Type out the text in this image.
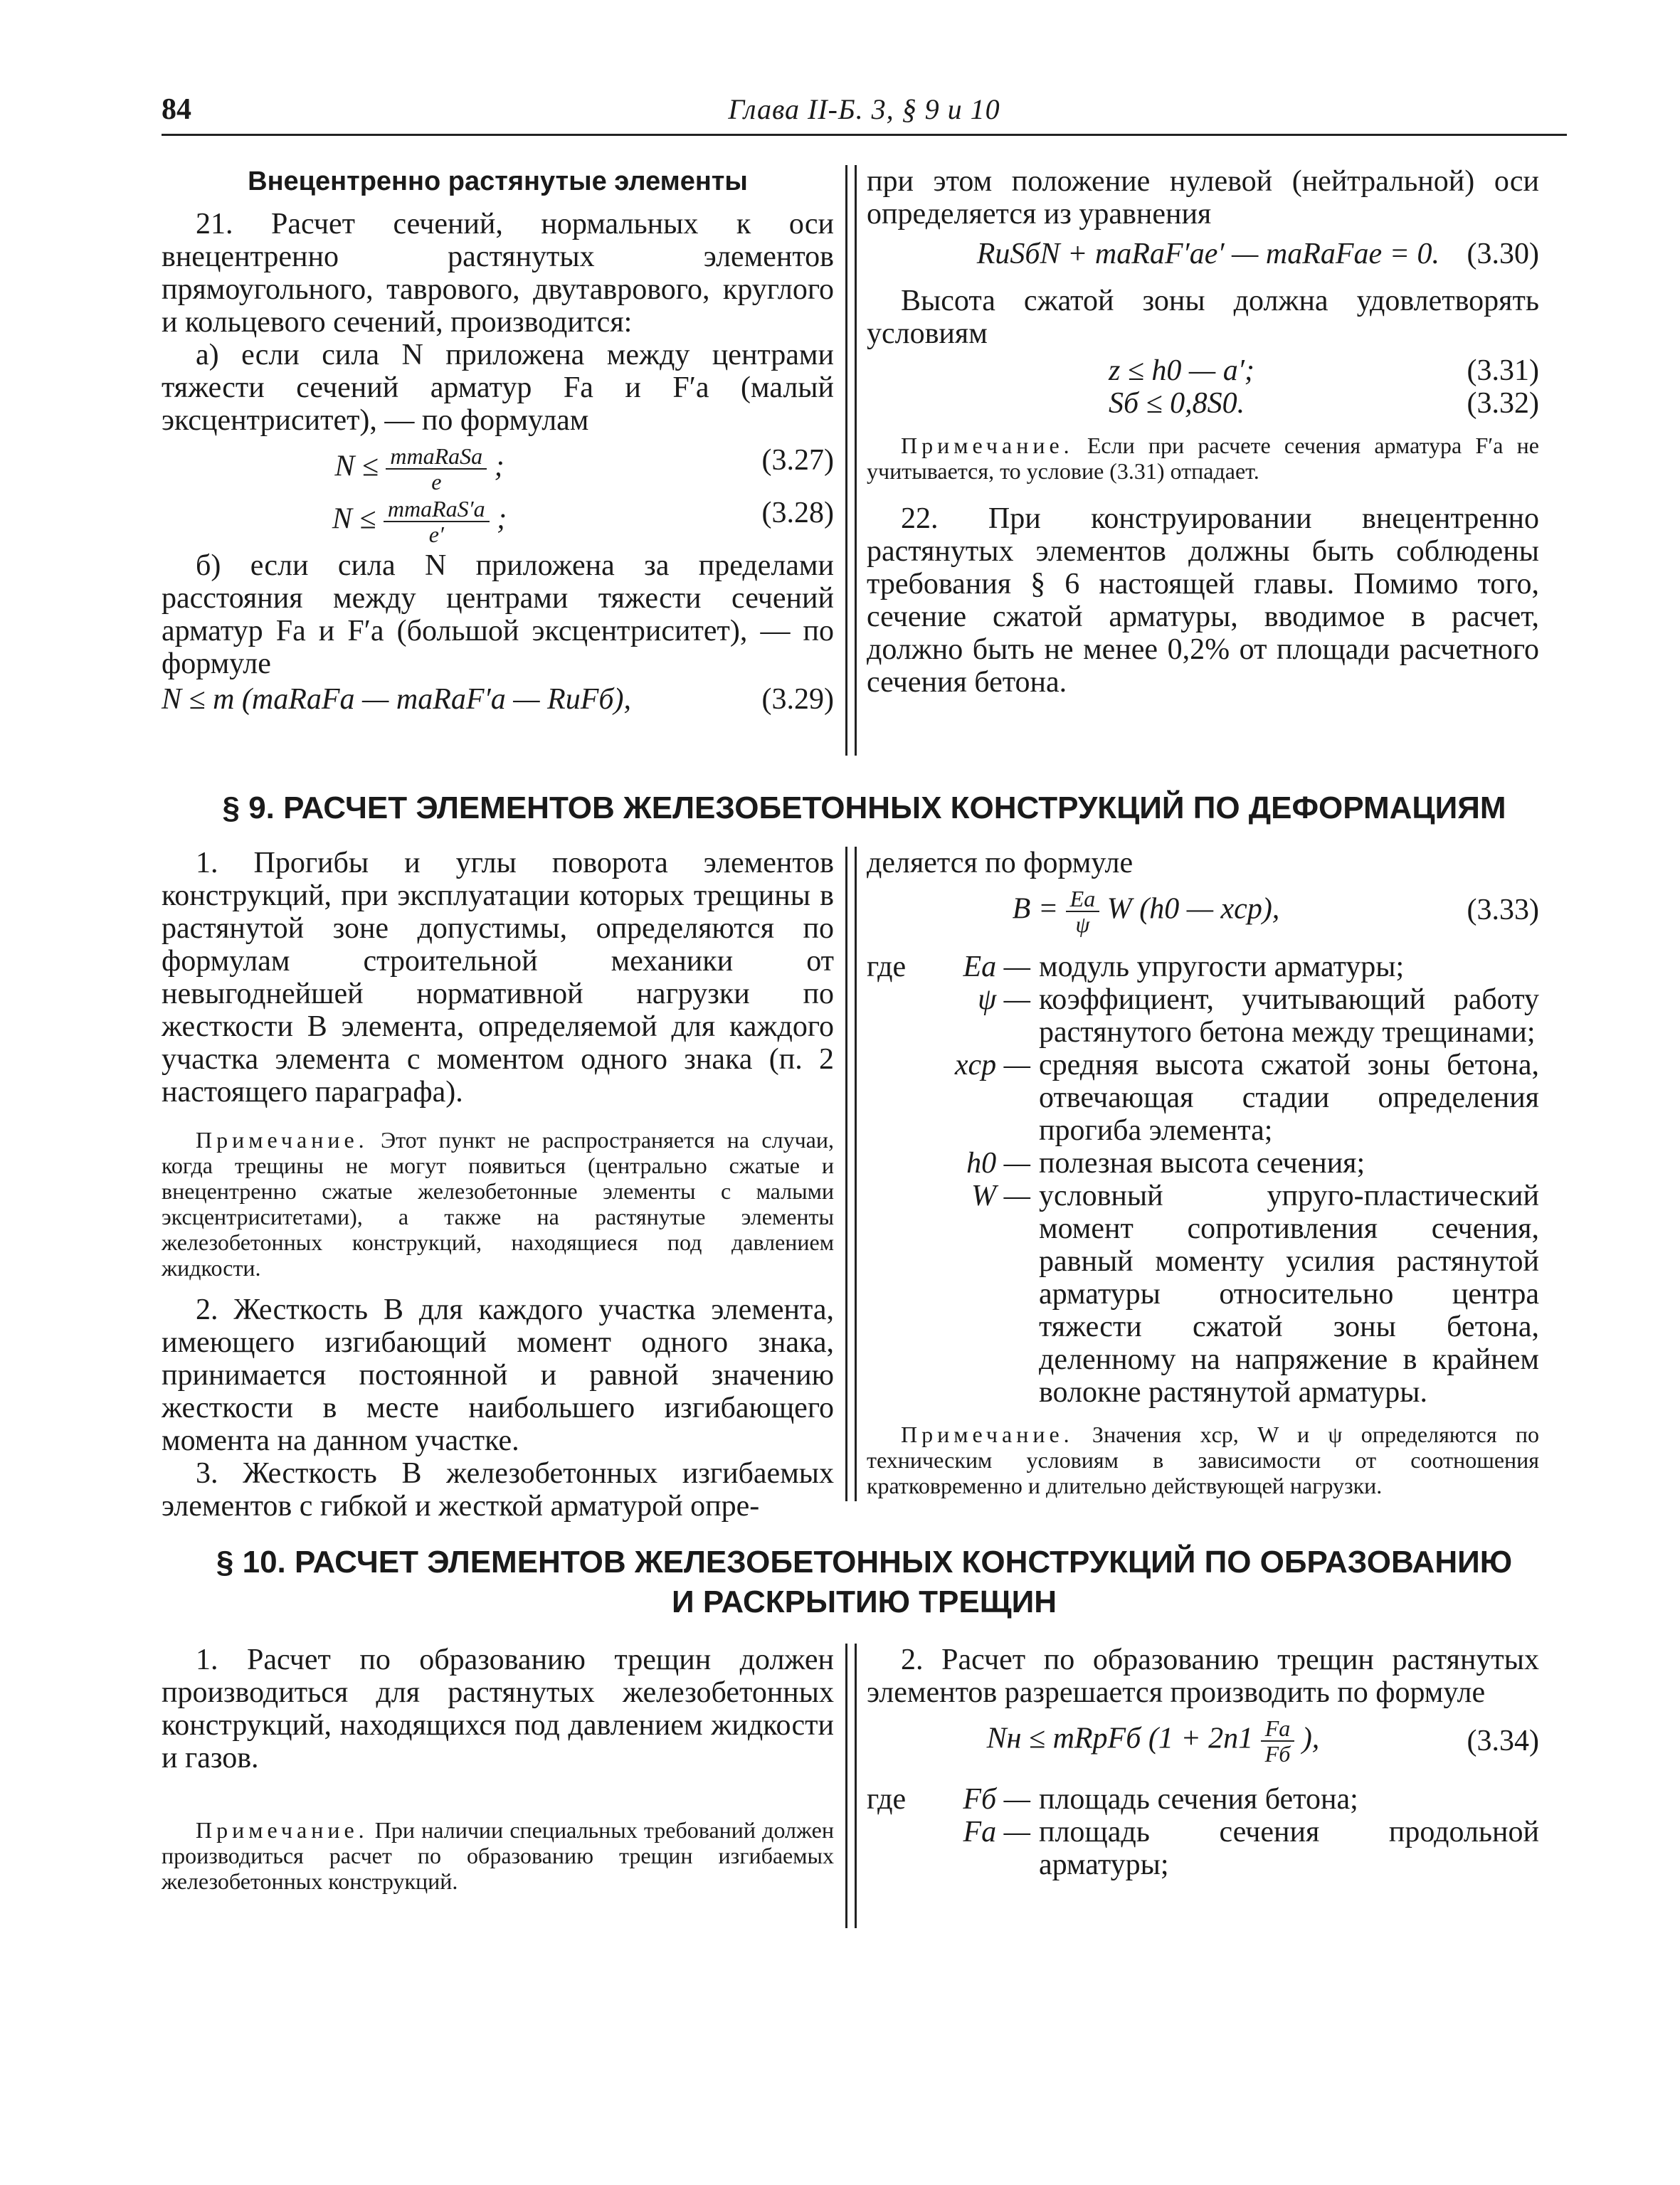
84	Глава II-Б. 3, § 9 и 10

Внецентренно растянутые элементы

21. Расчет сечений, нормальных к оси внецентренно растянутых элементов прямоугольного, таврового, двутаврового, круглого и кольцевого сечений, производится:

а) если сила N приложена между центрами тяжести сечений арматур Fа и F′а (малый эксцентриситет), — по формулам

$N \le \frac{\text{mmаRаSа}}{e}$ ;	(3.27)
$N \le \frac{\text{mmаRаS′а}}{e'}$ ;	(3.28)

б) если сила N приложена за пределами расстояния между центрами тяжести сечений арматур Fа и F′а (большой эксцентриситет), — по формуле

N ≤ m (mаRаFа — mаRаF′а — RиFб),	(3.29)

при этом положение нулевой (нейтральной) оси определяется из уравнения

RиSбN + mаRаF′аe′ — mаRаFаe = 0. (3.30)

Высота сжатой зоны должна удовлетворять условиям

z ≤ h0 — a′;	(3.31)
Sб ≤ 0,8S0.	(3.32)

Примечание. Если при расчете сечения арматура F′а не учитывается, то условие (3.31) отпадает.

22. При конструировании внецентренно растянутых элементов должны быть соблюдены требования § 6 настоящей главы. Помимо того, сечение сжатой арматуры, вводимое в расчет, должно быть не менее 0,2% от площади расчетного сечения бетона.

§ 9. РАСЧЕТ ЭЛЕМЕНТОВ ЖЕЛЕЗОБЕТОННЫХ КОНСТРУКЦИЙ ПО ДЕФОРМАЦИЯМ

1. Прогибы и углы поворота элементов конструкций, при эксплуатации которых трещины в растянутой зоне допустимы, определяются по формулам строительной механики от невыгоднейшей нормативной нагрузки по жесткости B элемента, определяемой для каждого участка элемента с моментом одного знака (п. 2 настоящего параграфа).

Примечание. Этот пункт не распространяется на случаи, когда трещины не могут появиться (центрально сжатые и внецентренно сжатые железобетонные элементы с малыми эксцентриситетами), а также на растянутые элементы железобетонных конструкций, находящиеся под давлением жидкости.

2. Жесткость B для каждого участка элемента, имеющего изгибающий момент одного знака, принимается постоянной и равной значению жесткости в месте наибольшего изгибающего момента на данном участке.

3. Жесткость B железобетонных изгибаемых элементов с гибкой и жесткой арматурой опре-

деляется по формуле

$B = \frac{Eа}{\psi}$ W (h0 — xср),	(3.33)
где Eа — модуль упругости арматуры;
ψ — коэффициент, учитывающий работу растянутого бетона между трещинами;
xср — средняя высота сжатой зоны бетона, отвечающая стадии определения прогиба элемента;
h0 — полезная высота сечения;
W — условный упруго-пластический момент сопротивления сечения, равный моменту усилия растянутой арматуры относительно центра тяжести сжатой зоны бетона, деленному на напряжение в крайнем волокне растянутой арматуры.

Примечание. Значения xср, W и ψ определяются по техническим условиям в зависимости от соотношения кратковременно и длительно действующей нагрузки.

§ 10. РАСЧЕТ ЭЛЕМЕНТОВ ЖЕЛЕЗОБЕТОННЫХ КОНСТРУКЦИЙ ПО ОБРАЗОВАНИЮ
И РАСКРЫТИЮ ТРЕЩИН

1. Расчет по образованию трещин должен производиться для растянутых железобетонных конструкций, находящихся под давлением жидкости и газов.

Примечание. При наличии специальных требований должен производиться расчет по образованию трещин изгибаемых железобетонных конструкций.

2. Расчет по образованию трещин растянутых элементов разрешается производить по формуле

Nн ≤ mRрFб ($1 + 2n1 \frac{Fа}{Fб}$ ),	(3.34)
где Fб — площадь сечения бетона;
Fа — площадь сечения продольной арматуры;
